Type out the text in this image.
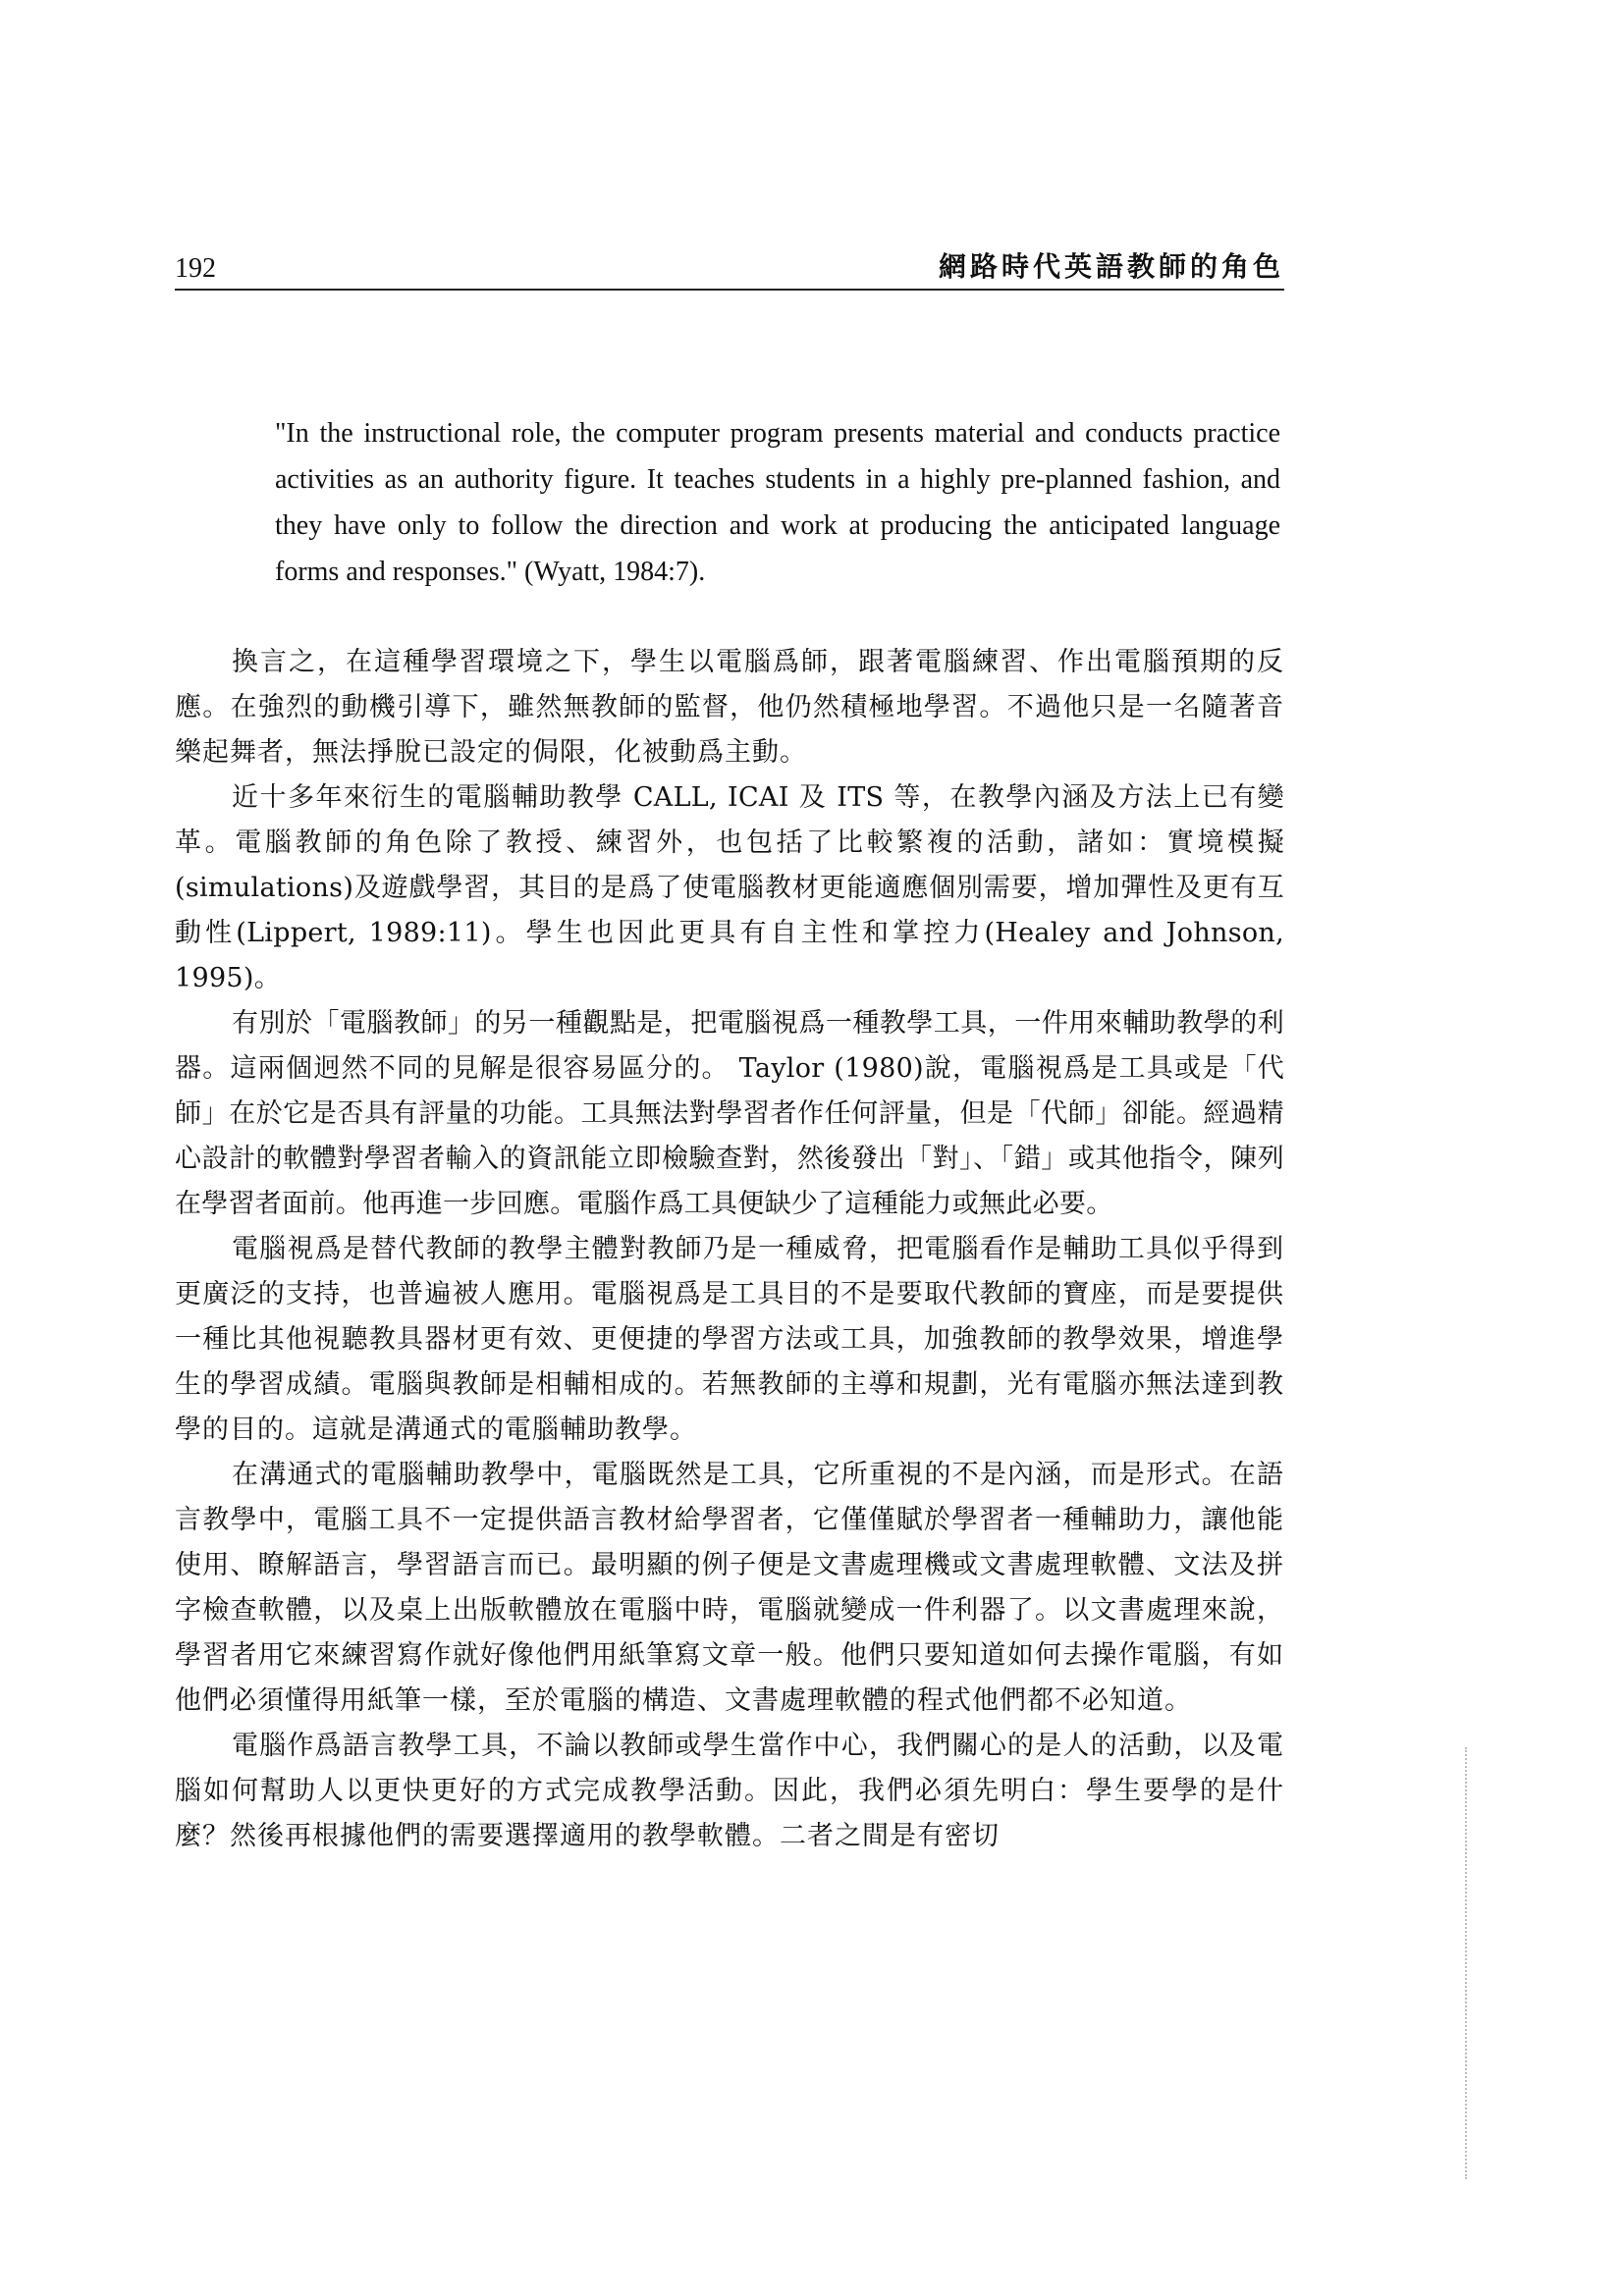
192	網路時代英語教師的角色

"In the instructional role, the computer program presents material and conducts practice activities as an authority figure. It teaches students in a highly pre-planned fashion, and they have only to follow the direction and work at producing the anticipated language forms and responses." (Wyatt, 1984:7).

換言之，在這種學習環境之下，學生以電腦爲師，跟著電腦練習、作出電腦預期的反應。在強烈的動機引導下，雖然無教師的監督，他仍然積極地學習。不過他只是一名隨著音樂起舞者，無法掙脫已設定的侷限，化被動爲主動。

近十多年來衍生的電腦輔助教學 CALL, ICAI 及 ITS 等，在教學內涵及方法上已有變革。電腦教師的角色除了教授、練習外，也包括了比較繁複的活動，諸如：實境模擬(simulations)及遊戲學習，其目的是爲了使電腦教材更能適應個別需要，增加彈性及更有互動性(Lippert, 1989:11)。學生也因此更具有自主性和掌控力(Healey and Johnson, 1995)。

有別於「電腦教師」的另一種觀點是，把電腦視爲一種教學工具，一件用來輔助教學的利器。這兩個迥然不同的見解是很容易區分的。 Taylor (1980)說，電腦視爲是工具或是「代師」在於它是否具有評量的功能。工具無法對學習者作任何評量，但是「代師」卻能。經過精心設計的軟體對學習者輸入的資訊能立即檢驗查對，然後發出「對」、「錯」或其他指令，陳列在學習者面前。他再進一步回應。電腦作爲工具便缺少了這種能力或無此必要。

電腦視爲是替代教師的教學主體對教師乃是一種威脅，把電腦看作是輔助工具似乎得到更廣泛的支持，也普遍被人應用。電腦視爲是工具目的不是要取代教師的寶座，而是要提供一種比其他視聽教具器材更有效、更便捷的學習方法或工具，加強教師的教學效果，增進學生的學習成績。電腦與教師是相輔相成的。若無教師的主導和規劃，光有電腦亦無法達到教學的目的。這就是溝通式的電腦輔助教學。

在溝通式的電腦輔助教學中，電腦既然是工具，它所重視的不是內涵，而是形式。在語言教學中，電腦工具不一定提供語言教材給學習者，它僅僅賦於學習者一種輔助力，讓他能使用、瞭解語言，學習語言而已。最明顯的例子便是文書處理機或文書處理軟體、文法及拼字檢查軟體，以及桌上出版軟體放在電腦中時，電腦就變成一件利器了。以文書處理來說，學習者用它來練習寫作就好像他們用紙筆寫文章一般。他們只要知道如何去操作電腦，有如他們必須懂得用紙筆一樣，至於電腦的構造、文書處理軟體的程式他們都不必知道。

電腦作爲語言教學工具，不論以教師或學生當作中心，我們關心的是人的活動，以及電腦如何幫助人以更快更好的方式完成教學活動。因此，我們必須先明白：學生要學的是什麼？然後再根據他們的需要選擇適用的教學軟體。二者之間是有密切
